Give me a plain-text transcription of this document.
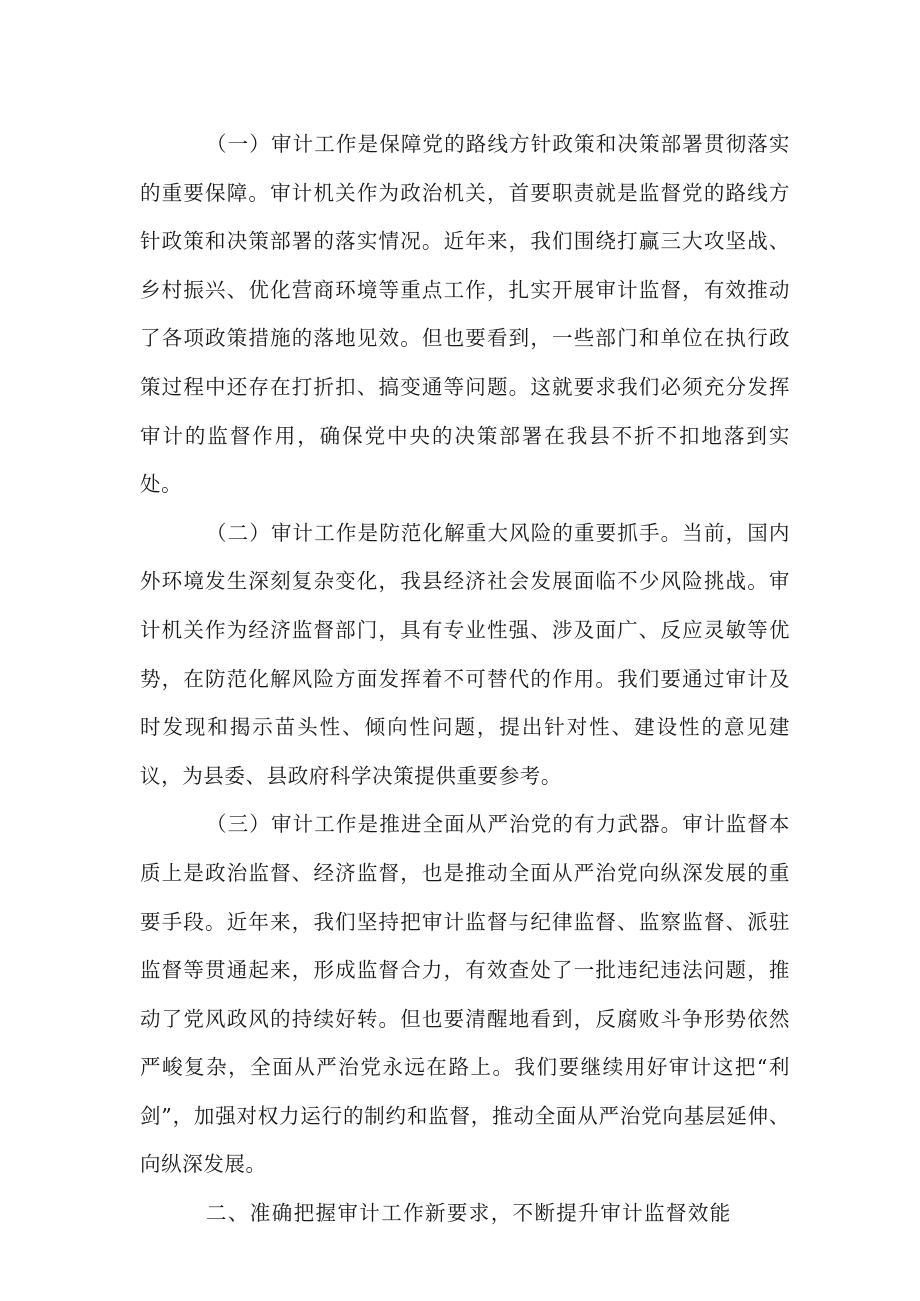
（一）审计工作是保障党的路线方针政策和决策部署贯彻落实的重要保障。审计机关作为政治机关，首要职责就是监督党的路线方针政策和决策部署的落实情况。近年来，我们围绕打赢三大攻坚战、乡村振兴、优化营商环境等重点工作，扎实开展审计监督，有效推动了各项政策措施的落地见效。但也要看到，一些部门和单位在执行政策过程中还存在打折扣、搞变通等问题。这就要求我们必须充分发挥审计的监督作用，确保党中央的决策部署在我县不折不扣地落到实处。

（二）审计工作是防范化解重大风险的重要抓手。当前，国内外环境发生深刻复杂变化，我县经济社会发展面临不少风险挑战。审计机关作为经济监督部门，具有专业性强、涉及面广、反应灵敏等优势，在防范化解风险方面发挥着不可替代的作用。我们要通过审计及时发现和揭示苗头性、倾向性问题，提出针对性、建设性的意见建议，为县委、县政府科学决策提供重要参考。

（三）审计工作是推进全面从严治党的有力武器。审计监督本质上是政治监督、经济监督，也是推动全面从严治党向纵深发展的重要手段。近年来，我们坚持把审计监督与纪律监督、监察监督、派驻监督等贯通起来，形成监督合力，有效查处了一批违纪违法问题，推动了党风政风的持续好转。但也要清醒地看到，反腐败斗争形势依然严峻复杂，全面从严治党永远在路上。我们要继续用好审计这把“利剑”，加强对权力运行的制约和监督，推动全面从严治党向基层延伸、向纵深发展。

二、准确把握审计工作新要求，不断提升审计监督效能
